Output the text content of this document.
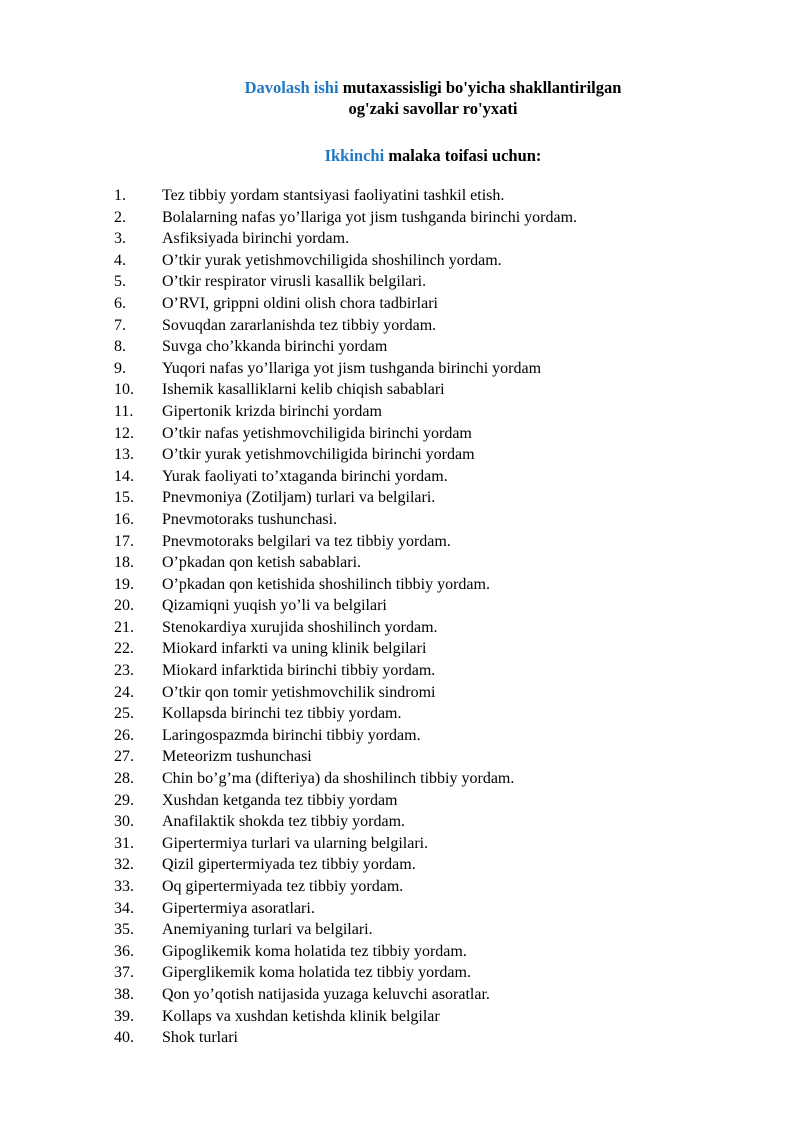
Davolash ishi mutaxassisligi bo'yicha shakllantirilgan
og'zaki savollar ro'yxati
Ikkinchi malaka toifasi uchun:
1. Tez tibbiy yordam stantsiyasi faoliyatini tashkil etish.
2. Bolalarning nafas yo’llariga yot jism tushganda birinchi yordam.
3. Asfiksiyada birinchi yordam.
4. O’tkir yurak yetishmovchiligida shoshilinch yordam.
5. O’tkir respirator virusli kasallik belgilari.
6. O’RVI, grippni oldini olish chora tadbirlari
7. Sovuqdan zararlanishda tez tibbiy yordam.
8. Suvga cho’kkanda birinchi yordam
9. Yuqori nafas yo’llariga yot jism tushganda birinchi yordam
10. Ishemik kasalliklarni kelib chiqish sabablari
11. Gipertonik krizda birinchi yordam
12. O’tkir nafas yetishmovchiligida birinchi yordam
13. O’tkir yurak yetishmovchiligida birinchi yordam
14. Yurak faoliyati to’xtaganda birinchi yordam.
15. Pnevmoniya (Zotiljam) turlari va belgilari.
16. Pnevmotoraks tushunchasi.
17. Pnevmotoraks belgilari va tez tibbiy yordam.
18. O’pkadan qon ketish sabablari.
19. O’pkadan qon ketishida shoshilinch tibbiy yordam.
20. Qizamiqni yuqish yo’li va belgilari
21. Stenokardiya xurujida shoshilinch yordam.
22. Miokard infarkti va uning klinik belgilari
23. Miokard infarktida birinchi tibbiy yordam.
24. O’tkir qon tomir yetishmovchilik sindromi
25. Kollapsda birinchi tez tibbiy yordam.
26. Laringospazmda birinchi tibbiy yordam.
27. Meteorizm tushunchasi
28. Chin bo’g’ma (difteriya) da shoshilinch tibbiy yordam.
29. Xushdan ketganda tez tibbiy yordam
30. Anafilaktik shokda tez tibbiy yordam.
31. Gipertermiya turlari va ularning belgilari.
32. Qizil gipertermiyada tez tibbiy yordam.
33. Oq gipertermiyada tez tibbiy yordam.
34. Gipertermiya asoratlari.
35. Anemiyaning turlari va belgilari.
36. Gipoglikemik koma holatida tez tibbiy yordam.
37. Giperglikemik koma holatida tez tibbiy yordam.
38. Qon yo’qotish natijasida yuzaga keluvchi asoratlar.
39. Kollaps va xushdan ketishda klinik belgilar
40. Shok turlari
